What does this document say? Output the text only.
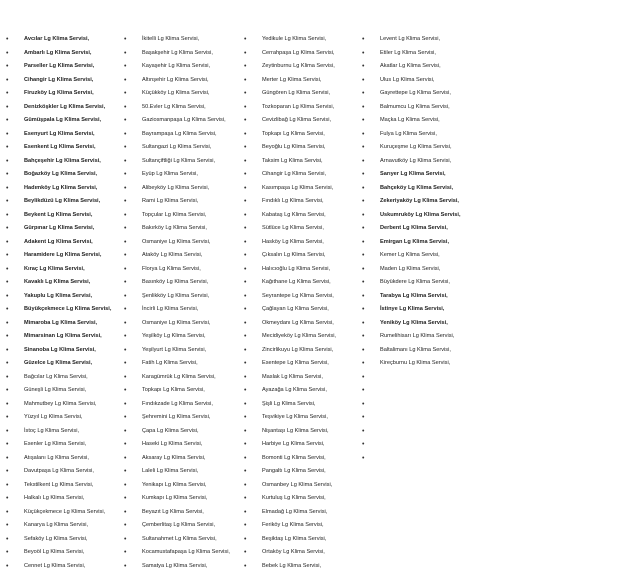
•	Avcılar Lg Klima Servisi,
•	Ambarlı Lg Klima Servisi,
•	Parseller Lg Klima Servisi,
•	Cihangir Lg Klima Servisi,
•	Firuzköy Lg Klima Servisi,
•	Denizköşkler Lg Klima Servisi,
•	Gümüşpala Lg Klima Servisi,
•	Esenyurt Lg Klima Servisi,
•	Esenkent Lg Klima Servisi,
•	Bahçeşehir Lg Klima Servisi,
•	Boğazköy Lg Klima Servisi,
•	Hadımköy Lg Klima Servisi,
•	Beylikdüzü Lg Klima Servisi,
•	Beykent Lg Klima Servisi,
•	Gürpınar Lg Klima Servisi,
•	Adakent Lg Klima Servisi,
•	Haramidere Lg Klima Servisi,
•	Kıraç Lg Klima Servisi,
•	Kavaklı Lg Klima Servisi,
•	Yakuplu Lg Klima Servisi,
•	Büyükçekmece Lg Klima Servisi,
•	Mimarobа Lg Klima Servisi,
•	Mimarsinan Lg Klima Servisi,
•	Sinanoba Lg Klima Servisi,
•	Güzelce Lg Klima Servisi,
•	Bağcılar Lg Klima Servisi,
•	Güneşli Lg Klima Servisi,
•	Mahmutbey Lg Klima Servisi,
•	Yüzyıl Lg Klima Servisi,
•	İstoç Lg Klima Servisi,
•	Esenler Lg Klima Servisi,
•	Atışalanı Lg Klima Servisi,
•	Davutpaşa Lg Klima Servisi,
•	Tekstilkent Lg Klima Servisi,
•	Halkalı Lg Klima Servisi,
•	Küçükçekmece Lg Klima Servisi,
•	Kanarya Lg Klima Servisi,
•	Sefaköy Lg Klima Servisi,
•	Beyoöl Lg Klima Servisi,
•	Cennet Lg Klima Servisi,
•	İkitelli Lg Klima Servisi,
•	Başakşehir Lg Klima Servisi,
•	Kayaşehir Lg Klima Servisi,
•	Altınşehir Lg Klima Servisi,
•	Küçükköy Lg Klima Servisi,
•	50.Evler Lg Klima Servisi,
•	Gaziosmanpaşa Lg Klima Servisi,
•	Bayrampaşa Lg Klima Servisi,
•	Sultangazi Lg Klima Servisi,
•	Sultançiftliği Lg Klima Servisi,
•	Eyüp Lg Klima Servisi,
•	Alibeyköy Lg Klima Servisi,
•	Rami Lg Klima Servisi,
•	Topçular Lg Klima Servisi,
•	Bakırköy Lg Klima Servisi,
•	Osmaniye Lg Klima Servisi,
•	Ataköy Lg Klima Servisi,
•	Florya Lg Klima Servisi,
•	Basınköy Lg Klima Servisi,
•	Şenlikköy Lg Klima Servisi,
•	İncirli Lg Klima Servisi,
•	Osmaniye Lg Klima Servisi,
•	Yeşilköy Lg Klima Servisi,
•	Yeşilyurt Lg Klima Servisi,
•	Fatih Lg Klima Servisi,
•	Karagümrük Lg Klima Servisi,
•	Topkapı Lg Klima Servisi,
•	Fındıkzade Lg Klima Servisi,
•	Şehremini Lg Klima Servisi,
•	Çapa Lg Klima Servisi,
•	Haseki Lg Klima Servisi,
•	Aksaray Lg Klima Servisi,
•	Laleli Lg Klima Servisi,
•	Yenikapı Lg Klima Servisi,
•	Kumkapı Lg Klima Servisi,
•	Beyazıt Lg Klima Servisi,
•	Çemberlitaş Lg Klima Servisi,
•	Sultanahmet Lg Klima Servisi,
•	Kocamustafapaşa Lg Klima Servisi,
•	Samatya Lg Klima Servisi,
•	Yedikule Lg Klima Servisi,
•	Cerrahpaşa Lg Klima Servisi,
•	Zeytinburnu Lg Klima Servisi,
•	Merter Lg Klima Servisi,
•	Güngören Lg Klima Servisi,
•	Tozkoparan Lg Klima Servisi,
•	Cevizlibağ Lg Klima Servisi,
•	Topkapı Lg Klima Servisi,
•	Beyoğlu Lg Klima Servisi,
•	Taksim Lg Klima Servisi,
•	Cihangir Lg Klima Servisi,
•	Kasımpaşa Lg Klima Servisi,
•	Fındıklı Lg Klima Servisi,
•	Kabataş Lg Klima Servisi,
•	Sütlüce Lg Klima Servisi,
•	Hasköy Lg Klima Servisi,
•	Çıksalın Lg Klima Servisi,
•	Halıcıoğlu Lg Klima Servisi,
•	Kağıthane Lg Klima Servisi,
•	Seyrantepe Lg Klima Servisi,
•	Çağlayan Lg Klima Servisi,
•	Okmeydanı Lg Klima Servisi,
•	Mecidiyeköy Lg Klima Servisi,
•	Zincirlikuyu Lg Klima Servisi,
•	Esentepe Lg Klima Servisi,
•	Maslak Lg Klima Servisi,
•	Ayazağa Lg Klima Servisi,
•	Şişli Lg Klima Servisi,
•	Teşvikiye Lg Klima Servisi,
•	Nişantaşı Lg Klima Servisi,
•	Harbiye Lg Klima Servisi,
•	Bomonti Lg Klima Servisi,
•	Pangaltı Lg Klima Servisi,
•	Osmanbey Lg Klima Servisi,
•	Kurtuluş Lg Klima Servisi,
•	Elmadağ Lg Klima Servisi,
•	Feriköy Lg Klima Servisi,
•	Beşiktaş Lg Klima Servisi,
•	Ortaköy Lg Klima Servisi,
•	Bebek Lg Klima Servisi,
•	Levent Lg Klima Servisi,
•	Etiler Lg Klima Servisi,
•	Akatlar Lg Klima Servisi,
•	Ulus Lg Klima Servisi,
•	Gayrettepe Lg Klima Servisi,
•	Balmumcu Lg Klima Servisi,
•	Maçka Lg Klima Servisi,
•	Fulya Lg Klima Servisi,
•	Kuruçeşme Lg Klima Servisi,
•	Arnavutköy Lg Klima Servisi,
•	Sarıyer Lg Klima Servisi,
•	Bahçeköy Lg Klima Servisi,
•	Zekeriyaköy Lg Klima Servisi,
•	Uskumruköy Lg Klima Servisi,
•	Derbent Lg Klima Servisi,
•	Emirgan Lg Klima Servisi,
•	Kemer Lg Klima Servisi,
•	Maden Lg Klima Servisi,
•	Büyükdere Lg Klima Servisi,
•	Tarabya Lg Klima Servisi,
•	İstinye Lg Klima Servisi,
•	Yeniköy Lg Klima Servisi,
•	Rumelihisarı Lg Klima Servisi,
•	Baltalimanı Lg Klima Servisi,
•	Kireçburnu Lg Klima Servisi,
•
•
•
•
•
•
•
